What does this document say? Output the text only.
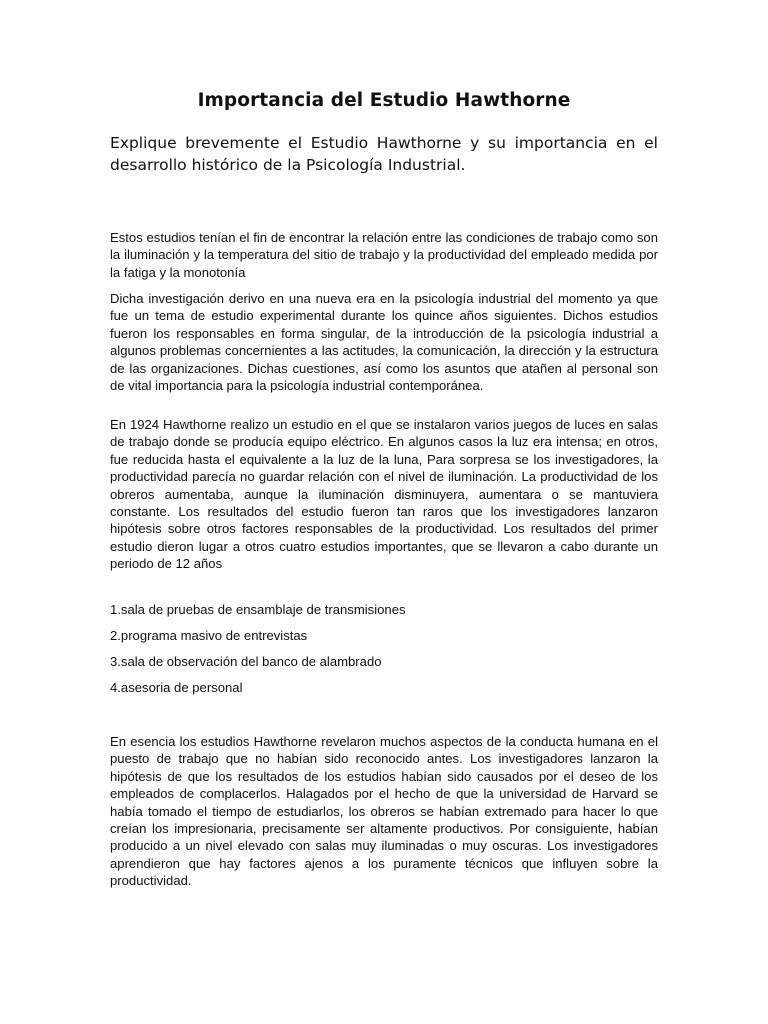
Importancia del Estudio Hawthorne

Explique brevemente el Estudio Hawthorne y su importancia en el desarrollo histórico de la Psicología Industrial.

Estos estudios tenían el fin de encontrar la relación entre las condiciones de trabajo como son la iluminación y la temperatura del sitio de trabajo y la productividad del empleado medida por la fatiga y la monotonía

Dicha investigación derivo en una nueva era en la psicología industrial del momento ya que fue un tema de estudio experimental durante los quince años siguientes. Dichos estudios fueron los responsables en forma singular, de la introducción de la psicología industrial a algunos problemas concernientes a las actitudes, la comunicación, la dirección y la estructura de las organizaciones. Dichas cuestiones, así como los asuntos que atañen al personal son de vital importancia para la psicología industrial contemporánea.

En 1924 Hawthorne realizo un estudio en el que se instalaron varios juegos de luces en salas de trabajo donde se producía equipo eléctrico. En algunos casos la luz era intensa; en otros, fue reducida hasta el equivalente a la luz de la luna, Para sorpresa se los investigadores, la productividad parecía no guardar relación con el nivel de iluminación. La productividad de los obreros aumentaba, aunque la iluminación disminuyera, aumentara o se mantuviera constante. Los resultados del estudio fueron tan raros que los investigadores lanzaron hipótesis sobre otros factores responsables de la productividad. Los resultados del primer estudio dieron lugar a otros cuatro estudios importantes, que se llevaron a cabo durante un periodo de 12 años

1.sala de pruebas de ensamblaje de transmisiones

2.programa masivo de entrevistas

3.sala de observación del banco de alambrado

4.asesoria de personal

En esencia los estudios Hawthorne revelaron muchos aspectos de la conducta humana en el puesto de trabajo que no habían sido reconocido antes. Los investigadores lanzaron la hipótesis de que los resultados de los estudios habían sido causados por el deseo de los empleados de complacerlos. Halagados por el hecho de que la universidad de Harvard se había tomado el tiempo de estudiarlos, los obreros se habían extremado para hacer lo que creían los impresionaria, precisamente ser altamente productivos. Por consiguiente, habían producido a un nivel elevado con salas muy iluminadas o muy oscuras. Los investigadores aprendieron que hay factores ajenos a los puramente técnicos que influyen sobre la productividad.
